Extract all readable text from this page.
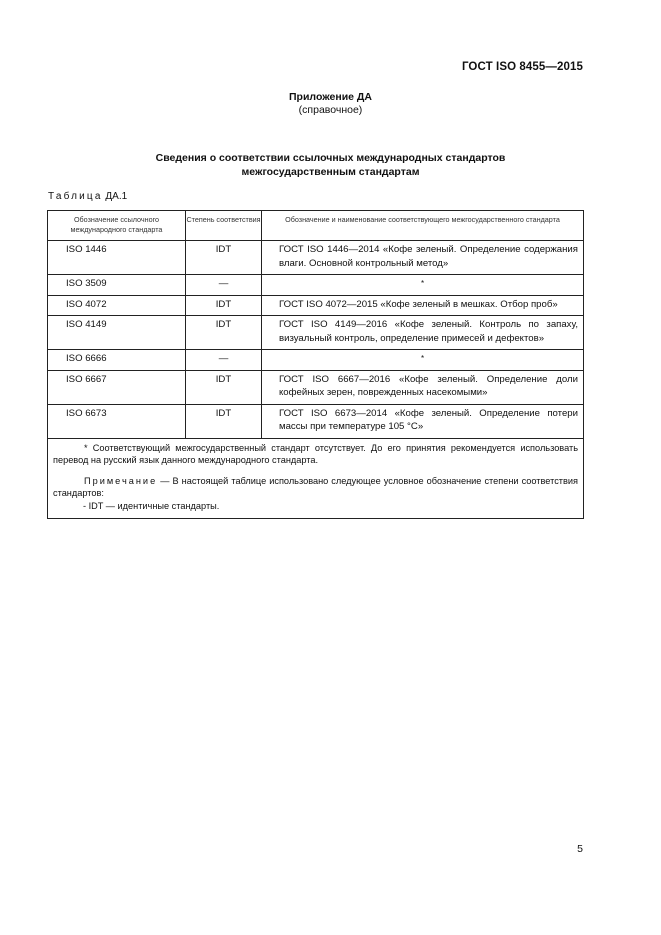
ГОСТ ISO 8455—2015
Приложение ДА
(справочное)
Сведения о соответствии ссылочных международных стандартов
межгосударственным стандартам
Таблица ДА.1
Обозначение ссылочного международного стандарта	Степень соответствия	Обозначение и наименование соответствующего межгосударственного стандарта
ISO 1446	IDT	ГОСТ ISO 1446—2014 «Кофе зеленый. Определение содержания влаги. Основной контрольный метод»
ISO 3509	—	*
ISO 4072	IDT	ГОСТ ISO 4072—2015 «Кофе зеленый в мешках. Отбор проб»
ISO 4149	IDT	ГОСТ ISO 4149—2016 «Кофе зеленый. Контроль по запаху, визуальный контроль, определение примесей и дефектов»
ISO 6666	—	*
ISO 6667	IDT	ГОСТ ISO 6667—2016 «Кофе зеленый. Определение доли кофейных зерен, поврежденных насекомыми»
ISO 6673	IDT	ГОСТ ISO 6673—2014 «Кофе зеленый. Определение потери массы при температуре 105 °С»

* Соответствующий межгосударственный стандарт отсутствует. До его принятия рекомендуется использовать перевод на русский язык данного международного стандарта.

Примечание — В настоящей таблице использовано следующее условное обозначение степени соответствия стандартов:

- IDT — идентичные стандарты.		

5
